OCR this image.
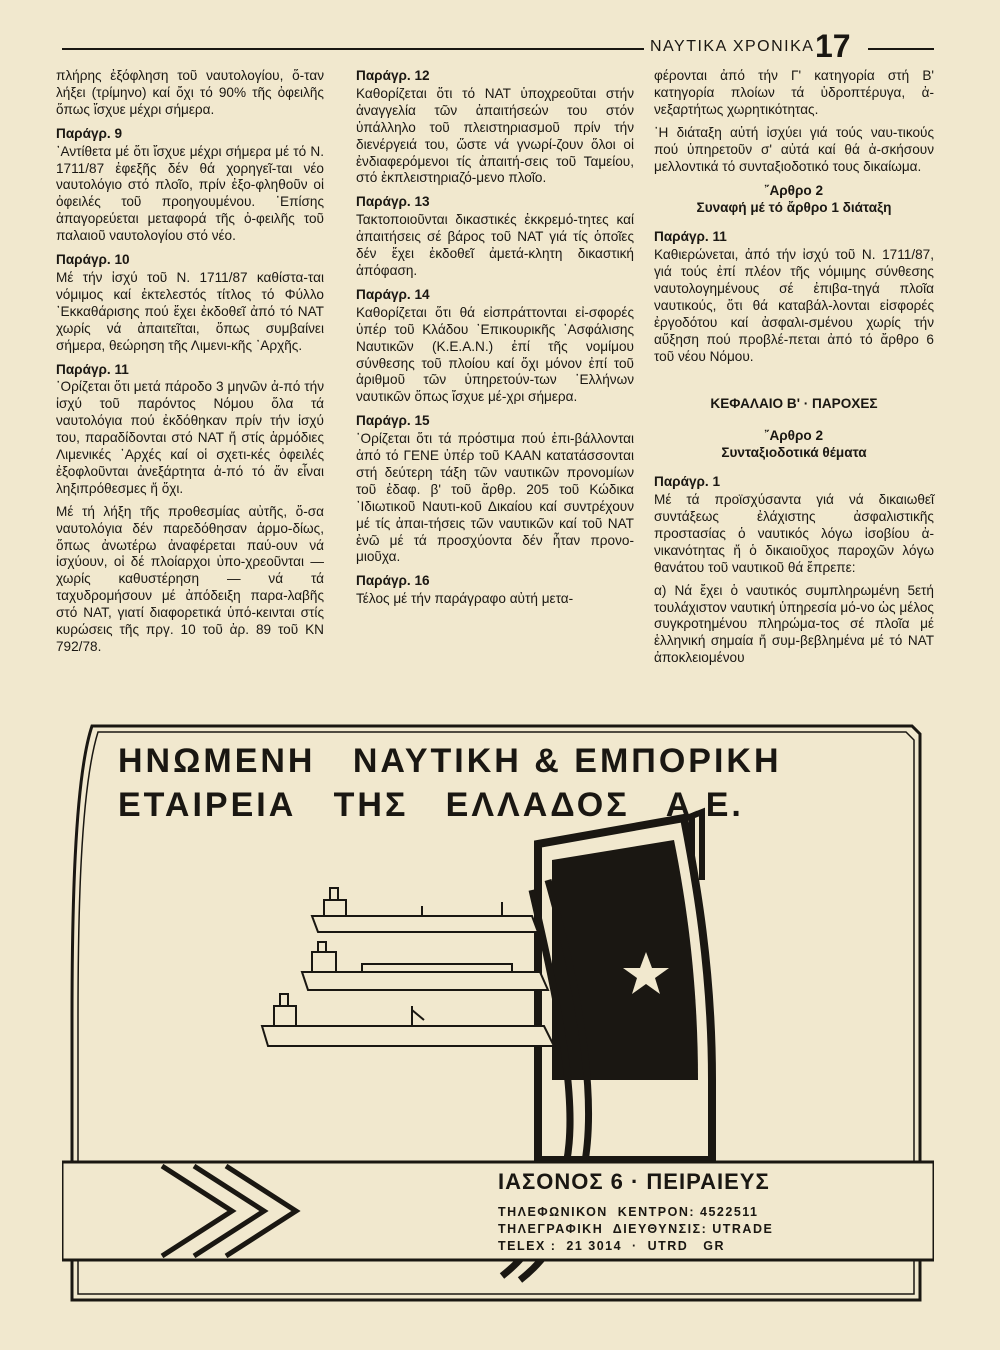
ΝΑΥΤΙΚΑ ΧΡΟΝΙΚΑ 17

πλήρης ἐξόφληση τοῦ ναυτολογίου, ὅ-ταν λήξει (τρίμηνο) καί ὄχι τό 90% τῆς ὀφειλῆς ὅπως ἴσχυε μέχρι σήμερα.

Παράγρ. 9

᾿Αντίθετα μέ ὅτι ἴσχυε μέχρι σήμερα μέ τό Ν. 1711/87 ἐφεξῆς δέν θά χορηγεῖ-ται νέο ναυτολόγιο στό πλοῖο, πρίν ἐξο-φληθοῦν οἱ ὀφειλές τοῦ προηγουμένου. ᾿Επίσης ἀπαγορεύεται μεταφορά τῆς ὀ-φειλῆς τοῦ παλαιοῦ ναυτολογίου στό νέο.

Παράγρ. 10

Μέ τήν ἰσχύ τοῦ Ν. 1711/87 καθίστα-ται νόμιμος καί ἐκτελεστός τίτλος τό Φύλλο ᾿Εκκαθάρισης πού ἔχει ἐκδοθεῖ ἀπό τό ΝΑΤ χωρίς νά ἀπαιτεῖται, ὅπως συμβαίνει σήμερα, θεώρηση τῆς Λιμενι-κῆς ᾿Αρχῆς.

Παράγρ. 11

῾Ορίζεται ὅτι μετά πάροδο 3 μηνῶν ἀ-πό τήν ἰσχύ τοῦ παρόντος Νόμου ὅλα τά ναυτολόγια πού ἐκδόθηκαν πρίν τήν ἰσχύ του, παραδίδονται στό ΝΑΤ ἤ στίς ἁρμόδιες Λιμενικές ᾿Αρχές καί οἱ σχετι-κές ὀφειλές ἐξοφλοῦνται ἀνεξάρτητα ἀ-πό τό ἄν εἶναι ληξιπρόθεσμες ἤ ὄχι.

Μέ τή λήξη τῆς προθεσμίας αὐτῆς, ὅ-σα ναυτολόγια δέν παρεδόθησαν ἁρμο-δίως, ὅπως ἀνωτέρω ἀναφέρεται παύ-ουν νά ἰσχύουν, οἱ δέ πλοίαρχοι ὑπο-χρεοῦνται — χωρίς καθυστέρηση — νά τά ταχυδρομήσουν μέ ἀπόδειξη παρα-λαβῆς στό ΝΑΤ, γιατί διαφορετικά ὑπό-κεινται στίς κυρώσεις τῆς πργ. 10 τοῦ ἀρ. 89 τοῦ ΚΝ 792/78.

Παράγρ. 12

Καθορίζεται ὅτι τό ΝΑΤ ὑποχρεοῦται στήν ἀναγγελία τῶν ἀπαιτήσεών του στόν ὑπάλληλο τοῦ πλειστηριασμοῦ πρίν τήν διενέργειά του, ὥστε νά γνωρί-ζουν ὅλοι οἱ ἐνδιαφερόμενοι τίς ἀπαιτή-σεις τοῦ Ταμείου, στό ἐκπλειστηριαζό-μενο πλοῖο.

Παράγρ. 13

Τακτοποιοῦνται δικαστικές ἐκκρεμό-τητες καί ἀπαιτήσεις σέ βάρος τοῦ ΝΑΤ γιά τίς ὁποῖες δέν ἔχει ἐκδοθεῖ ἀμετά-κλητη δικαστική ἀπόφαση.

Παράγρ. 14

Καθορίζεται ὅτι θά εἰσπράττονται εἰ-σφορές ὑπέρ τοῦ Κλάδου ᾿Επικουρικῆς ᾿Ασφάλισης Ναυτικῶν (Κ.Ε.Α.Ν.) ἐπί τῆς νομίμου σύνθεσης τοῦ πλοίου καί ὄχι μόνον ἐπί τοῦ ἀριθμοῦ τῶν ὑπηρετούν-των ῾Ελλήνων ναυτικῶν ὅπως ἴσχυε μέ-χρι σήμερα.

Παράγρ. 15

῾Ορίζεται ὅτι τά πρόστιμα πού ἐπι-βάλλονται ἀπό τό ΓΕΝΕ ὑπέρ τοῦ ΚΑΑΝ κατατάσσονται στή δεύτερη τάξη τῶν ναυτικῶν προνομίων τοῦ ἐδαφ. β' τοῦ ἄρθρ. 205 τοῦ Κώδικα ᾿Ιδιωτικοῦ Ναυτι-κοῦ Δικαίου καί συντρέχουν μέ τίς ἀπαι-τήσεις τῶν ναυτικῶν καί τοῦ ΝΑΤ ἐνῶ μέ τά προσχύοντα δέν ἦταν προνο-μιοῦχα.

Παράγρ. 16

Τέλος μέ τήν παράγραφο αὐτή μετα-

φέρονται ἀπό τήν Γ' κατηγορία στή Β' κατηγορία πλοίων τά ὑδροπτέρυγα, ἀ-νεξαρτήτως χωρητικότητας.

῾Η διάταξη αὐτή ἰσχύει γιά τούς ναυ-τικούς πού ὑπηρετοῦν σ' αὐτά καί θά ἀ-σκήσουν μελλοντικά τό συνταξιοδοτικό τους δικαίωμα.

῎Αρθρο 2

Συναφή μέ τό ἄρθρο 1 διάταξη

Παράγρ. 11

Καθιερώνεται, ἀπό τήν ἰσχύ τοῦ Ν. 1711/87, γιά τούς ἐπί πλέον τῆς νόμιμης σύνθεσης ναυτολογημένους σέ ἐπιβα-τηγά πλοῖα ναυτικούς, ὅτι θά καταβάλ-λονται εἰσφορές ἐργοδότου καί ἀσφαλι-σμένου χωρίς τήν αὔξηση πού προβλέ-πεται ἀπό τό ἄρθρο 6 τοῦ νέου Νόμου.

ΚΕΦΑΛΑΙΟ Β' · ΠΑΡΟΧΕΣ

῎Αρθρο 2

Συνταξιοδοτικά θέματα

Παράγρ. 1

Μέ τά προϊσχύσαντα γιά νά δικαιωθεῖ συντάξεως ἐλάχιστης ἀσφαλιστικῆς προστασίας ὁ ναυτικός λόγω ἰσοβίου ἀ-νικανότητας ἤ ὁ δικαιοῦχος παροχῶν λόγω θανάτου τοῦ ναυτικοῦ θά ἔπρεπε:

α) Νά ἔχει ὁ ναυτικός συμπληρωμένη 5ετή τουλάχιστον ναυτική ὑπηρεσία μό-νο ὡς μέλος συγκροτημένου πληρώμα-τος σέ πλοῖα μέ ἑλληνική σημαία ἤ συμ-βεβλημένα μέ τό ΝΑΤ ἀποκλειομένου

ΗΝΩΜΕΝΗ   ΝΑΥΤΙΚΗ & ΕΜΠΟΡΙΚΗ
ΕΤΑΙΡΕΙΑ   ΤΗΣ   ΕΛΛΑΔΟΣ   Α.Ε.
ΙΑΣΟΝΟΣ 6 · ΠΕΙΡΑΙΕΥΣ
ΤΗΛΕΦΩΝΙΚΟΝ  ΚΕΝΤΡΟΝ: 4522511
ΤΗΛΕΓΡΑΦΙΚΗ  ΔΙΕΥΘΥΝΣΙΣ: UTRADE
TELEX :  21 3014  ·  UTRD   GR
